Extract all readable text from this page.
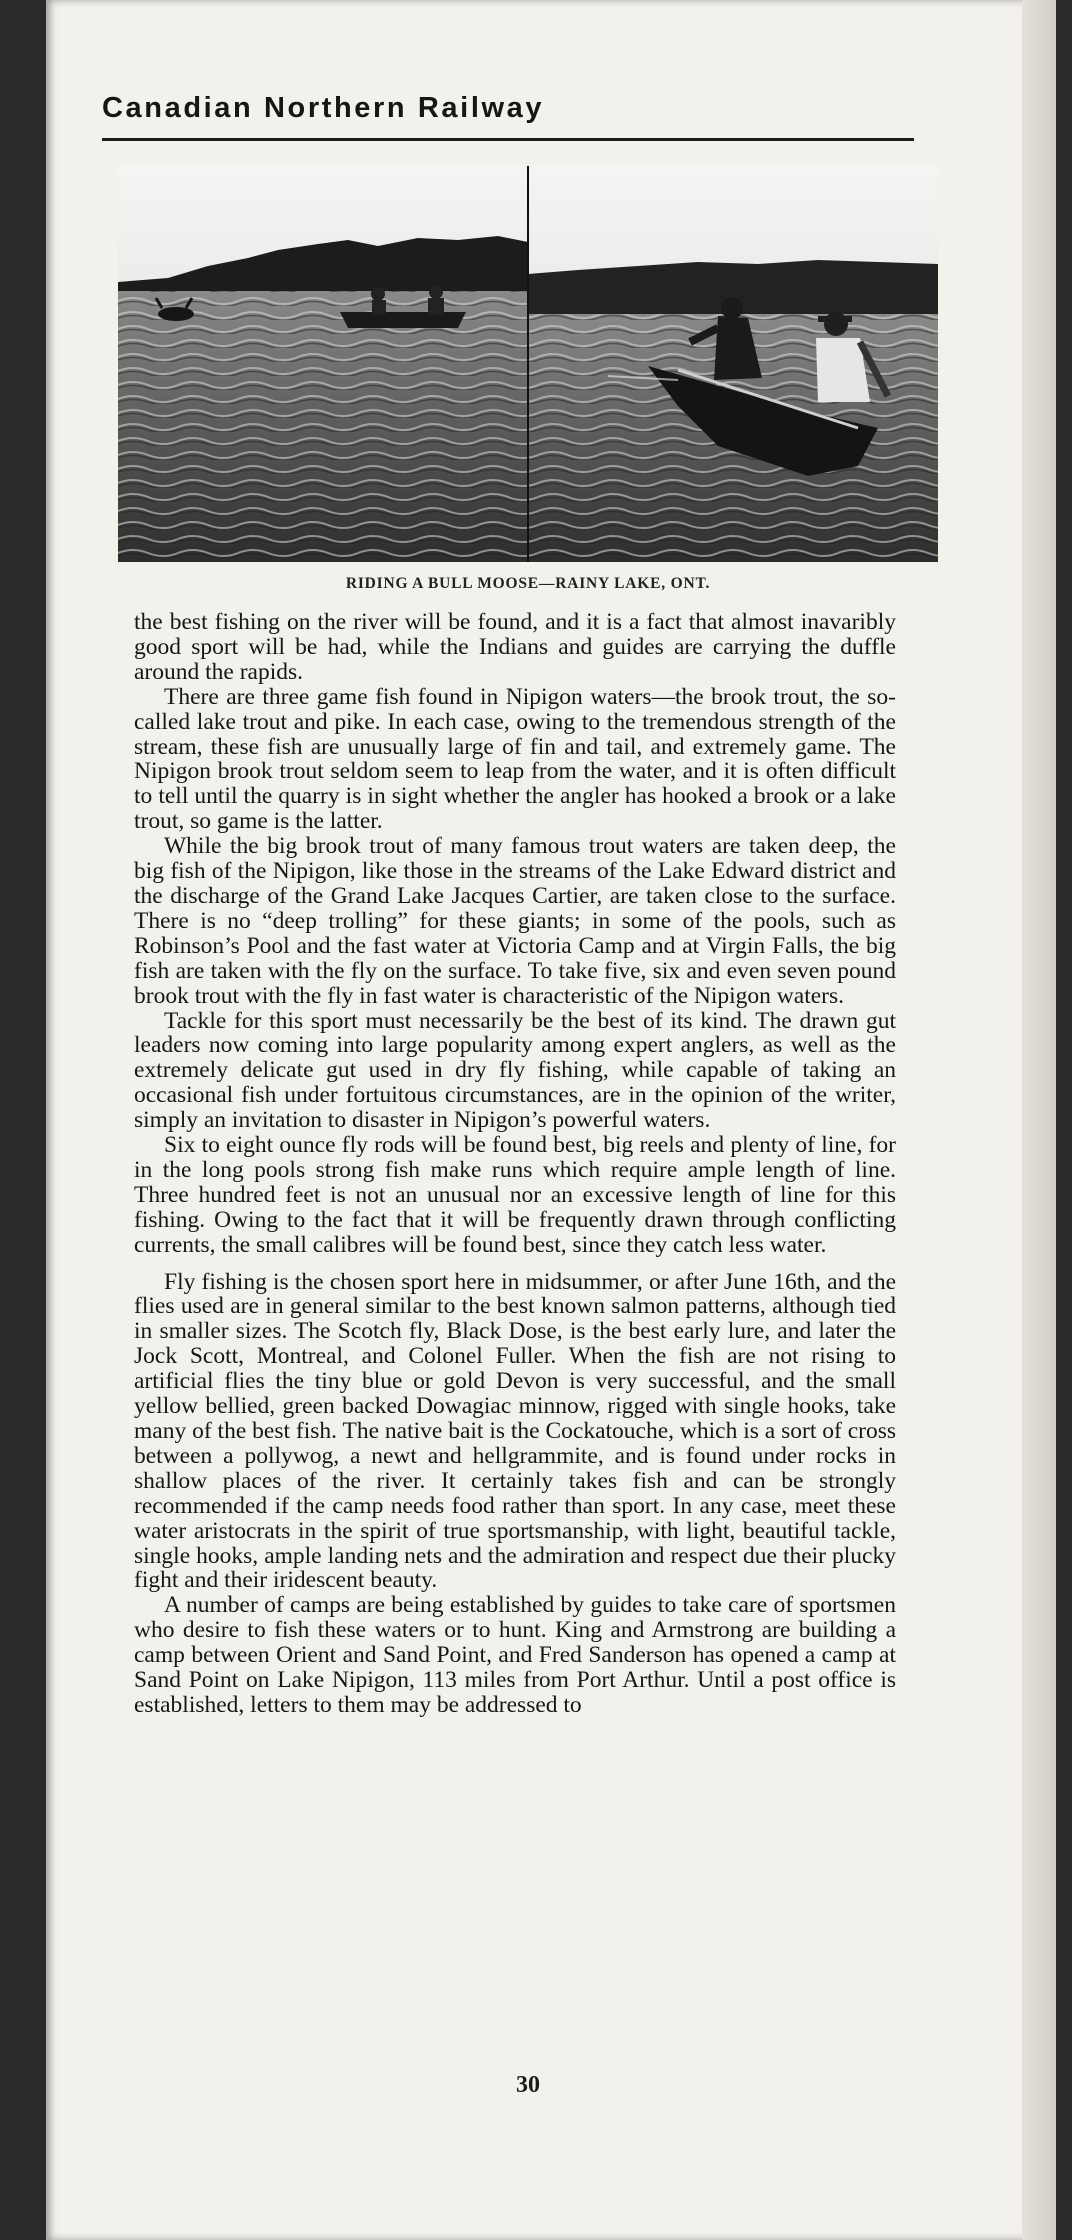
Canadian Northern Railway
RIDING A BULL MOOSE—RAINY LAKE, ONT.

the best fishing on the river will be found, and it is a fact that almost inavaribly good sport will be had, while the Indians and guides are carrying the duffle around the rapids.

There are three game fish found in Nipigon waters—the brook trout, the so-called lake trout and pike. In each case, owing to the tremendous strength of the stream, these fish are unusually large of fin and tail, and extremely game. The Nipigon brook trout seldom seem to leap from the water, and it is often difficult to tell until the quarry is in sight whether the angler has hooked a brook or a lake trout, so game is the latter.

While the big brook trout of many famous trout waters are taken deep, the big fish of the Nipigon, like those in the streams of the Lake Edward district and the discharge of the Grand Lake Jacques Cartier, are taken close to the surface. There is no “deep trolling” for these giants; in some of the pools, such as Robinson’s Pool and the fast water at Victoria Camp and at Virgin Falls, the big fish are taken with the fly on the surface. To take five, six and even seven pound brook trout with the fly in fast water is characteristic of the Nipigon waters.

Tackle for this sport must necessarily be the best of its kind. The drawn gut leaders now coming into large popularity among expert anglers, as well as the extremely delicate gut used in dry fly fishing, while capable of taking an occasional fish under fortuitous circumstances, are in the opinion of the writer, simply an invitation to disaster in Nipigon’s powerful waters.

Six to eight ounce fly rods will be found best, big reels and plenty of line, for in the long pools strong fish make runs which require ample length of line. Three hundred feet is not an unusual nor an excessive length of line for this fishing. Owing to the fact that it will be frequently drawn through conflicting currents, the small calibres will be found best, since they catch less water.

Fly fishing is the chosen sport here in midsummer, or after June 16th, and the flies used are in general similar to the best known salmon patterns, although tied in smaller sizes. The Scotch fly, Black Dose, is the best early lure, and later the Jock Scott, Montreal, and Colonel Fuller. When the fish are not rising to artificial flies the tiny blue or gold Devon is very successful, and the small yellow bellied, green backed Dowagiac minnow, rigged with single hooks, take many of the best fish. The native bait is the Cockatouche, which is a sort of cross between a pollywog, a newt and hellgrammite, and is found under rocks in shallow places of the river. It certainly takes fish and can be strongly recommended if the camp needs food rather than sport. In any case, meet these water aristocrats in the spirit of true sportsmanship, with light, beautiful tackle, single hooks, ample landing nets and the admiration and respect due their plucky fight and their iridescent beauty.

A number of camps are being established by guides to take care of sportsmen who desire to fish these waters or to hunt. King and Armstrong are building a camp between Orient and Sand Point, and Fred Sanderson has opened a camp at Sand Point on Lake Nipigon, 113 miles from Port Arthur. Until a post office is established, letters to them may be addressed to

30
